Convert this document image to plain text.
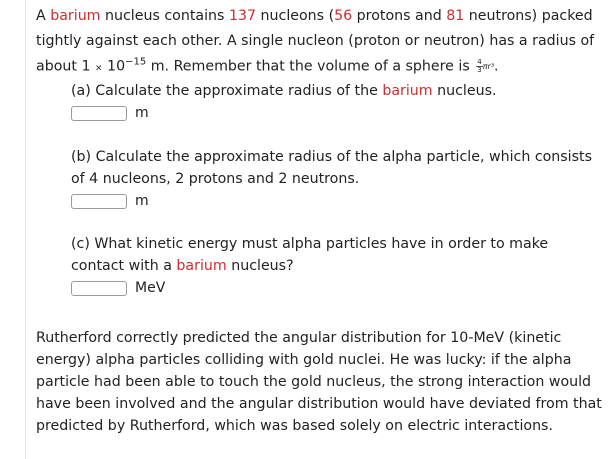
A barium nucleus contains 137 nucleons (56 protons and 81 neutrons) packed tightly against each other. A single nucleon (proton or neutron) has a radius of about $1 \times 10^{-15}$ m. Remember that the volume of a sphere is $\frac{4}{3} \pi r^3$.

(a) Calculate the approximate radius of the barium nucleus.
m
(b) Calculate the approximate radius of the alpha particle, which consists of 4 nucleons, 2 protons and 2 neutrons.
m
(c) What kinetic energy must alpha particles have in order to make contact with a barium nucleus?
MeV

Rutherford correctly predicted the angular distribution for 10-MeV (kinetic energy) alpha particles colliding with gold nuclei. He was lucky: if the alpha particle had been able to touch the gold nucleus, the strong interaction would have been involved and the angular distribution would have deviated from that predicted by Rutherford, which was based solely on electric interactions.
